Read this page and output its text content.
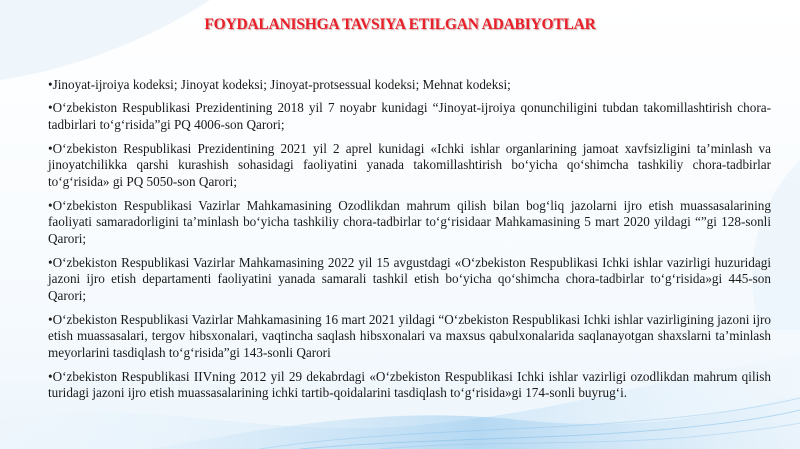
FOYDALANISHGA TAVSIYA ETILGAN ADABIYOTLAR

•Jinoyat-ijroiya kodeksi; Jinoyat kodeksi; Jinoyat-protsessual kodeksi; Mehnat kodeksi;

•O‘zbekiston Respublikasi Prezidentining 2018 yil 7 noyabr kunidagi “Jinoyat-ijroiya qonunchiligini tubdan takomillashtirish chora-tadbirlari to‘g‘risida”gi PQ 4006-son Qarori;

•O‘zbekiston Respublikasi Prezidentining 2021 yil 2 aprel kunidagi «Ichki ishlar organlarining jamoat xavfsizligini ta’minlash va jinoyatchilikka qarshi kurashish sohasidagi faoliyatini yanada takomillashtirish bo‘yicha qo‘shimcha tashkiliy chora-tadbirlar to‘g‘risida» gi PQ 5050-son Qarori;

•O‘zbekiston Respublikasi Vazirlar Mahkamasining Ozodlikdan mahrum qilish bilan bog‘liq jazolarni ijro etish muassasalarining faoliyati samaradorligini ta’minlash bo‘yicha tashkiliy chora-tadbirlar to‘g‘risidaar Mahkamasining 5 mart 2020 yildagi “”gi 128-sonli Qarori;

•O‘zbekiston Respublikasi Vazirlar Mahkamasining 2022 yil 15 avgustdagi «O‘zbekiston Respublikasi Ichki ishlar vazirligi huzuridagi jazoni ijro etish departamenti faoliyatini yanada samarali tashkil etish bo‘yicha qo‘shimcha chora-tadbirlar to‘g‘risida»gi 445-son Qarori;

•O‘zbekiston Respublikasi Vazirlar Mahkamasining 16 mart 2021 yildagi “O‘zbekiston Respublikasi Ichki ishlar vazirligining jazoni ijro etish muassasalari, tergov hibsxonalari, vaqtincha saqlash hibsxonalari va maxsus qabulxonalarida saqlanayotgan shaxslarni ta’minlash meyorlarini tasdiqlash to‘g‘risida”gi 143-sonli Qarori

•O‘zbekiston Respublikasi IIVning 2012 yil 29 dekabrdagi «O‘zbekiston Respublikasi Ichki ishlar vazirligi ozodlikdan mahrum qilish turidagi jazoni ijro etish muassasalarining ichki tartib-qoidalarini tasdiqlash to‘g‘risida»gi 174-sonli buyrug‘i.
